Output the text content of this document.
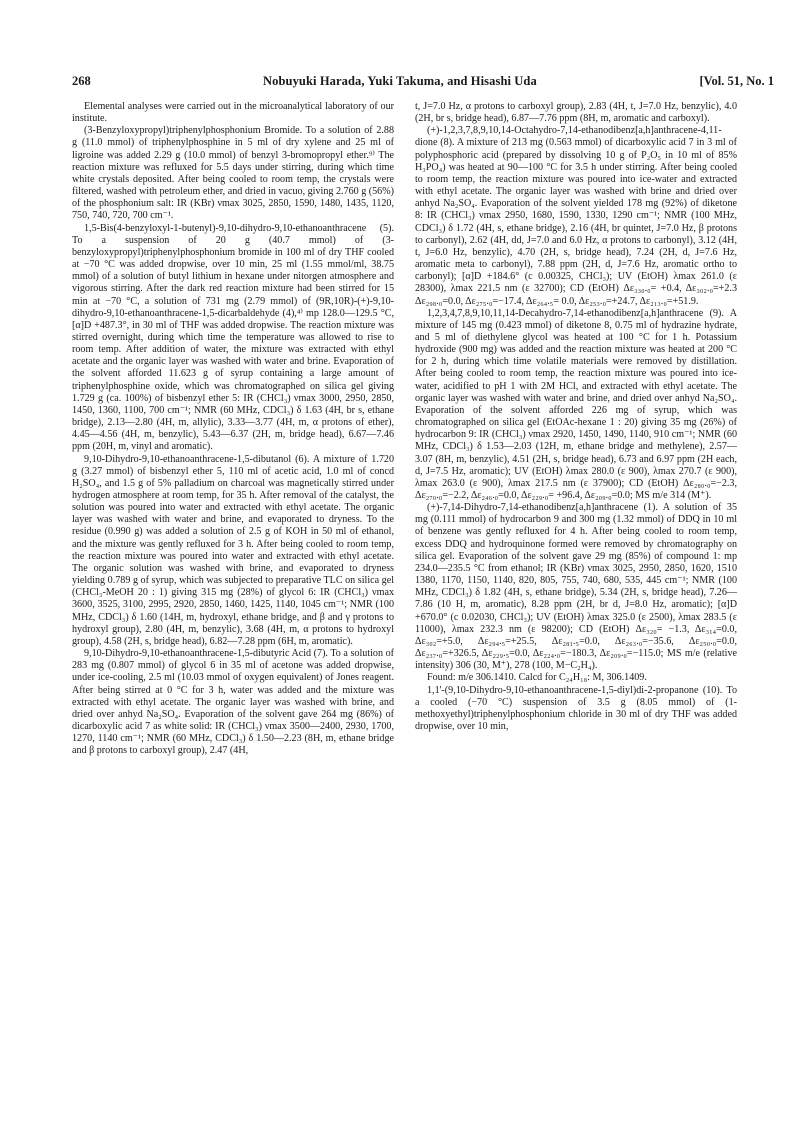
268	Nobuyuki Harada, Yuki Takuma, and Hisashi Uda	[Vol. 51, No. 1

Elemental analyses were carried out in the microanalytical laboratory of our institute.

(3-Benzyloxypropyl)triphenylphosphonium Bromide. To a solution of 2.88 g (11.0 mmol) of triphenylphosphine in 5 ml of dry xylene and 25 ml of ligroine was added 2.29 g (10.0 mmol) of benzyl 3-bromopropyl ether.⁹⁾ The reaction mixture was refluxed for 5.5 days under stirring, during which time white crystals deposited. After being cooled to room temp, the crystals were filtered, washed with petroleum ether, and dried in vacuo, giving 2.760 g (56%) of the phosphonium salt: IR (KBr) νmax 3025, 2850, 1590, 1480, 1435, 1120, 750, 740, 720, 700 cm⁻¹.

1,5-Bis(4-benzyloxyl-1-butenyl)-9,10-dihydro-9,10-ethanoanthracene (5). To a suspension of 20 g (40.7 mmol) of (3-benzyloxypropyl)triphenylphosphonium bromide in 100 ml of dry THF cooled at −70 °C was added dropwise, over 10 min, 25 ml (1.55 mmol/ml, 38.75 mmol) of a solution of butyl lithium in hexane under nitorgen atmosphere and vigorous stirring. After the dark red reaction mixture had been stirred for 15 min at −70 °C, a solution of 731 mg (2.79 mmol) of (9R,10R)-(+)-9,10-dihydro-9,10-ethanoanthracene-1,5-dicarbaldehyde (4),⁴⁾ mp 128.0—129.5 °C, [α]D +487.3°, in 30 ml of THF was added dropwise. The reaction mixture was stirred overnight, during which time the temperature was allowed to rise to room temp. After addition of water, the mixture was extracted with ethyl acetate and the organic layer was washed with water and brine. Evaporation of the solvent afforded 11.623 g of syrup containing a large amount of triphenylphosphine oxide, which was chromatographed on silica gel giving 1.729 g (ca. 100%) of bisbenzyl ether 5: IR (CHCl₃) νmax 3000, 2950, 2850, 1450, 1360, 1100, 700 cm⁻¹; NMR (60 MHz, CDCl₃) δ 1.63 (4H, br s, ethane bridge), 2.13—2.80 (4H, m, allylic), 3.33—3.77 (4H, m, α protons of ether), 4.45—4.56 (4H, m, benzylic), 5.43—6.37 (2H, m, bridge head), 6.67—7.46 ppm (20H, m, vinyl and aromatic).

9,10-Dihydro-9,10-ethanoanthracene-1,5-dibutanol (6). A mixture of 1.720 g (3.27 mmol) of bisbenzyl ether 5, 110 ml of acetic acid, 1.0 ml of concd H₂SO₄, and 1.5 g of 5% palladium on charcoal was magnetically stirred under hydrogen atmosphere at room temp, for 35 h. After removal of the catalyst, the solution was poured into water and extracted with ethyl acetate. The organic layer was washed with water and brine, and evaporated to dryness. To the residue (0.990 g) was added a solution of 2.5 g of KOH in 50 ml of ethanol, and the mixture was gently refluxed for 3 h. After being cooled to room temp, the reaction mixture was poured into water and extracted with ethyl acetate. The organic solution was washed with brine, and evaporated to dryness yielding 0.789 g of syrup, which was subjected to preparative TLC on silica gel (CHCl₃-MeOH 20 : 1) giving 315 mg (28%) of glycol 6: IR (CHCl₃) νmax 3600, 3525, 3100, 2995, 2920, 2850, 1460, 1425, 1140, 1045 cm⁻¹; NMR (100 MHz, CDCl₃) δ 1.60 (14H, m, hydroxyl, ethane bridge, and β and γ protons to hydroxyl group), 2.80 (4H, m, benzylic), 3.68 (4H, m, α protons to hydroxyl group), 4.58 (2H, s, bridge head), 6.82—7.28 ppm (6H, m, aromatic).

9,10-Dihydro-9,10-ethanoanthracene-1,5-dibutyric Acid (7). To a solution of 283 mg (0.807 mmol) of glycol 6 in 35 ml of acetone was added dropwise, under ice-cooling, 2.5 ml (10.03 mmol of oxygen equivalent) of Jones reagent. After being stirred at 0 °C for 3 h, water was added and the mixture was extracted with ethyl acetate. The organic layer was washed with brine, and dried over anhyd Na₂SO₄. Evaporation of the solvent gave 264 mg (86%) of dicarboxylic acid 7 as white solid: IR (CHCl₃) νmax 3500—2400, 2930, 1700, 1270, 1140 cm⁻¹; NMR (60 MHz, CDCl₃) δ 1.50—2.23 (8H, m, ethane bridge and β protons to carboxyl group), 2.47 (4H,

t, J=7.0 Hz, α protons to carboxyl group), 2.83 (4H, t, J=7.0 Hz, benzylic), 4.0 (2H, br s, bridge head), 6.87—7.76 ppm (8H, m, aromatic and carboxyl).

(+)-1,2,3,7,8,9,10,14-Octahydro-7,14-ethanodibenz[a,h]anthracene-4,11-dione (8). A mixture of 213 mg (0.563 mmol) of dicarboxylic acid 7 in 3 ml of polyphosphoric acid (prepared by dissolving 10 g of P₂O₅ in 10 ml of 85% H₃PO₄) was heated at 90—100 °C for 3.5 h under stirring. After being cooled to room temp, the reaction mixture was poured into ice-water and extracted with ethyl acetate. The organic layer was washed with brine and dried over anhyd Na₂SO₄. Evaporation of the solvent yielded 178 mg (92%) of diketone 8: IR (CHCl₃) νmax 2950, 1680, 1590, 1330, 1290 cm⁻¹; NMR (100 MHz, CDCl₃) δ 1.72 (4H, s, ethane bridge), 2.16 (4H, br quintet, J=7.0 Hz, β protons to carbonyl), 2.62 (4H, dd, J=7.0 and 6.0 Hz, α protons to carbonyl), 3.12 (4H, t, J=6.0 Hz, benzylic), 4.70 (2H, s, bridge head), 7.24 (2H, d, J=7.6 Hz, aromatic meta to carbonyl), 7.88 ppm (2H, d, J=7.6 Hz, aromatic ortho to carbonyl); [α]D +184.6° (c 0.00325, CHCl₃); UV (EtOH) λmax 261.0 (ε 28300), λmax 221.5 nm (ε 32700); CD (EtOH) Δε₃₃₀.₀= +0.4, Δε₃₀₂.₀=+2.3 Δε₂₉₈.₀=0.0, Δε₂₇₅.₀=−17.4, Δε₂₆₄.₅= 0.0, Δε₂₅₃.₀=+24.7, Δε₂₁₃.₀=+51.9.

1,2,3,4,7,8,9,10,11,14-Decahydro-7,14-ethanodibenz[a,h]anthracene (9). A mixture of 145 mg (0.423 mmol) of diketone 8, 0.75 ml of hydrazine hydrate, and 5 ml of diethylene glycol was heated at 100 °C for 1 h. Potassium hydroxide (900 mg) was added and the reaction mixture was heated at 200 °C for 2 h, during which time volatile materials were removed by distillation. After being cooled to room temp, the reaction mixture was poured into ice-water, acidified to pH 1 with 2M HCl, and extracted with ethyl acetate. The organic layer was washed with water and brine, and dried over anhyd Na₂SO₄. Evaporation of the solvent afforded 226 mg of syrup, which was chromatographed on silica gel (EtOAc-hexane 1 : 20) giving 35 mg (26%) of hydrocarbon 9: IR (CHCl₃) νmax 2920, 1450, 1490, 1140, 910 cm⁻¹; NMR (60 MHz, CDCl₃) δ 1.53—2.03 (12H, m, ethane bridge and methylene), 2.57—3.07 (8H, m, benzylic), 4.51 (2H, s, bridge head), 6.73 and 6.97 ppm (2H each, d, J=7.5 Hz, aromatic); UV (EtOH) λmax 280.0 (ε 900), λmax 270.7 (ε 900), λmax 263.0 (ε 900), λmax 217.5 nm (ε 37900); CD (EtOH) Δε₂₈₀.₀=−2.3, Δε₂₇₀.₀=−2.2, Δε₂₄₆.₀=0.0, Δε₂₂₉.₀= +96.4, Δε₂₀₉.₀=0.0; MS m/e 314 (M⁺).

(+)-7,14-Dihydro-7,14-ethanodibenz[a,h]anthracene (1). A solution of 35 mg (0.111 mmol) of hydrocarbon 9 and 300 mg (1.32 mmol) of DDQ in 10 ml of benzene was gently refluxed for 4 h. After being cooled to room temp, excess DDQ and hydroquinone formed were removed by chromatography on silica gel. Evaporation of the solvent gave 29 mg (85%) of compound 1: mp 234.0—235.5 °C from ethanol; IR (KBr) νmax 3025, 2950, 2850, 1620, 1510 1380, 1170, 1150, 1140, 820, 805, 755, 740, 680, 535, 445 cm⁻¹; NMR (100 MHz, CDCl₃) δ 1.82 (4H, s, ethane bridge), 5.34 (2H, s, bridge head), 7.26—7.86 (10 H, m, aromatic), 8.28 ppm (2H, br d, J=8.0 Hz, aromatic); [α]D +670.0° (c 0.02030, CHCl₃); UV (EtOH) λmax 325.0 (ε 2500), λmax 283.5 (ε 11000), λmax 232.3 nm (ε 98200); CD (EtOH) Δε₃₂₀= −1.3, Δε₃₁₄=0.0, Δε₃₀₂=+5.0, Δε₂₉₄.₅=+25.5, Δε₂₈₁.₅=0.0, Δε₂₆₃.₀=−35.6, Δε₂₅₀.₀=0.0, Δε₂₃₇.₀=+326.5, Δε₂₂₉.₅=0.0, Δε₂₂₄.₀=−180.3, Δε₂₀₉.₀=−115.0; MS m/e (relative intensity) 306 (30, M⁺), 278 (100, M−C₂H₄).

Found: m/e 306.1410. Calcd for C₂₄H₁₈: M, 306.1409.

1,1'-(9,10-Dihydro-9,10-ethanoanthracene-1,5-diyl)di-2-propanone (10). To a cooled (−70 °C) suspension of 3.5 g (8.05 mmol) of (1-methoxyethyl)triphenylphosphonium chloride in 30 ml of dry THF was added dropwise, over 10 min,
